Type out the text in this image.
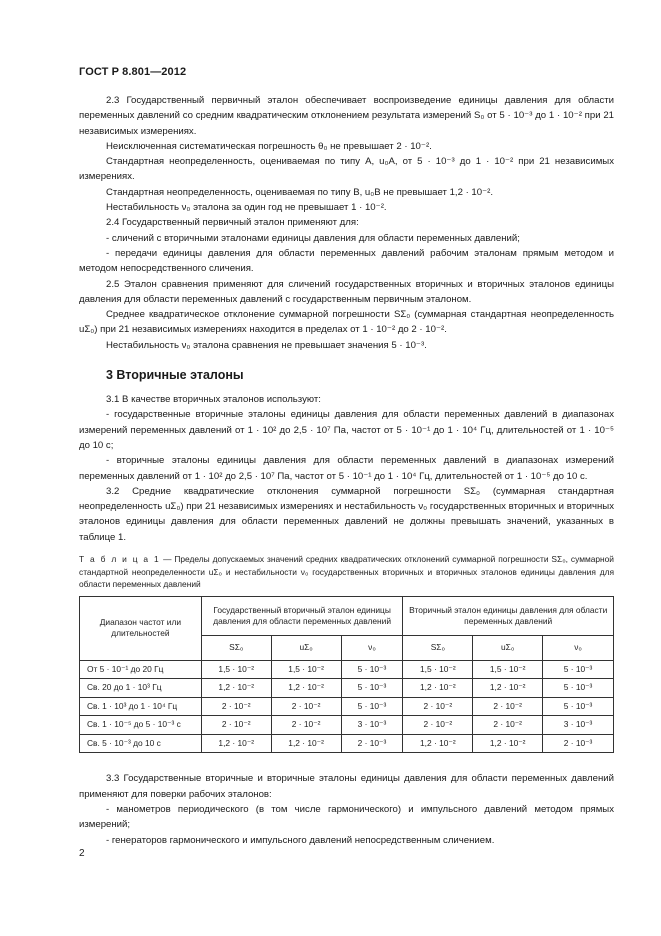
ГОСТ Р 8.801—2012

2.3 Государственный первичный эталон обеспечивает воспроизведение единицы давления для области переменных давлений со средним квадратическим отклонением результата измерений S₀ от 5 · 10⁻³ до 1 · 10⁻² при 21 независимых измерениях.

Неисключенная систематическая погрешность θ₀ не превышает 2 · 10⁻².

Стандартная неопределенность, оцениваемая по типу A, u₀A, от 5 · 10⁻³ до 1 · 10⁻² при 21 независимых измерениях.

Стандартная неопределенность, оцениваемая по типу B, u₀B не превышает 1,2 · 10⁻².

Нестабильность ν₀ эталона за один год не превышает 1 · 10⁻².

2.4 Государственный первичный эталон применяют для:

- сличений с вторичными эталонами единицы давления для области переменных давлений;

- передачи единицы давления для области переменных давлений рабочим эталонам прямым методом и методом непосредственного сличения.

2.5 Эталон сравнения применяют для сличений государственных вторичных и вторичных эталонов единицы давления для области переменных давлений с государственным первичным эталоном.

Среднее квадратическое отклонение суммарной погрешности SΣ₀ (суммарная стандартная неопределенность uΣ₀) при 21 независимых измерениях находится в пределах от 1 · 10⁻² до 2 · 10⁻².

Нестабильность ν₀ эталона сравнения не превышает значения 5 · 10⁻³.

3 Вторичные эталоны

3.1 В качестве вторичных эталонов используют:

- государственные вторичные эталоны единицы давления для области переменных давлений в диапазонах измерений переменных давлений от 1 · 10² до 2,5 · 10⁷ Па, частот от 5 · 10⁻¹ до 1 · 10⁴ Гц, длительностей от 1 · 10⁻⁵ до 10 с;

- вторичные эталоны единицы давления для области переменных давлений в диапазонах измерений переменных давлений от 1 · 10² до 2,5 · 10⁷ Па, частот от 5 · 10⁻¹ до 1 · 10⁴ Гц, длительностей от 1 · 10⁻⁵ до 10 с.

3.2 Средние квадратические отклонения суммарной погрешности SΣ₀ (суммарная стандартная неопределенность uΣ₀) при 21 независимых измерениях и нестабильность ν₀ государственных вторичных и вторичных эталонов единицы давления для области переменных давлений не должны превышать значений, указанных в таблице 1.

Т а б л и ц а 1 — Пределы допускаемых значений средних квадратических отклонений суммарной погрешности SΣ₀, суммарной стандартной неопределенности uΣ₀ и нестабильности ν₀ государственных вторичных и вторичных эталонов единицы давления для области переменных давлений
Диапазон частот или длительностей	Государственный вторичный эталон единицы давления для области переменных давлений			Вторичный эталон единицы давления для области переменных давлений		
	SΣ₀	uΣ₀	ν₀	SΣ₀	uΣ₀	ν₀
От 5 · 10⁻¹ до 20 Гц	1,5 · 10⁻²	1,5 · 10⁻²	5 · 10⁻³	1,5 · 10⁻²	1,5 · 10⁻²	5 · 10⁻³
Св. 20 до 1 · 10³ Гц	1,2 · 10⁻²	1,2 · 10⁻²	5 · 10⁻³	1,2 · 10⁻²	1,2 · 10⁻²	5 · 10⁻³
Св. 1 · 10³ до 1 · 10⁴ Гц	2 · 10⁻²	2 · 10⁻²	5 · 10⁻³	2 · 10⁻²	2 · 10⁻²	5 · 10⁻³
Св. 1 · 10⁻⁵ до 5 · 10⁻³ с	2 · 10⁻²	2 · 10⁻²	3 · 10⁻³	2 · 10⁻²	2 · 10⁻²	3 · 10⁻³
Св. 5 · 10⁻³ до 10 с	1,2 · 10⁻²	1,2 · 10⁻²	2 · 10⁻³	1,2 · 10⁻²	1,2 · 10⁻²	2 · 10⁻³

3.3 Государственные вторичные и вторичные эталоны единицы давления для области переменных давлений применяют для поверки рабочих эталонов:

- манометров периодического (в том числе гармонического) и импульсного давлений методом прямых измерений;

- генераторов гармонического и импульсного давлений непосредственным сличением.

2
